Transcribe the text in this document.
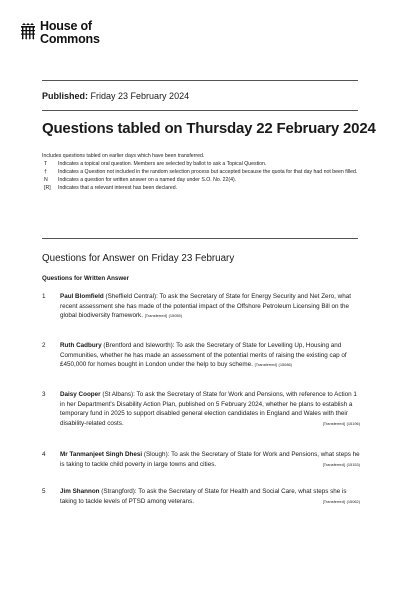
House of
Commons
Published: Friday 23 February 2024
Questions tabled on Thursday 22 February 2024
Includes questions tabled on earlier days which have been transferred.
T	Indicates a topical oral question. Members are selected by ballot to ask a Topical Question.
†	Indicates a Question not included in the random selection process but accepted because the quota for that day had not been filled.
N	Indicates a question for written answer on a named day under S.O. No. 22(4).
[R]	Indicates that a relevant interest has been declared.
Questions for Answer on Friday 23 February
Questions for Written Answer
1	Paul Blomfield (Sheffield Central): To ask the Secretary of State for Energy Security and Net Zero, what recent assessment she has made of the potential impact of the Offshore Petroleum Licensing Bill on the global biodiversity framework. [Transferred] (15055)
2	Ruth Cadbury (Brentford and Isleworth): To ask the Secretary of State for Levelling Up, Housing and Communities, whether he has made an assessment of the potential merits of raising the existing cap of £450,000 for homes bought in London under the help to buy scheme. [Transferred] (15086)
3	Daisy Cooper (St Albans): To ask the Secretary of State for Work and Pensions, with reference to Action 1 in her Department's Disability Action Plan, published on 5 February 2024, whether he plans to establish a temporary fund in 2025 to support disabled general election candidates in England and Wales with their disability-related costs.	[Transferred] (15196)
4	Mr Tanmanjeet Singh Dhesi (Slough): To ask the Secretary of State for Work and Pensions, what steps he is taking to tackle child poverty in large towns and cities.	[Transferred] (15153)
5	Jim Shannon (Strangford): To ask the Secretary of State for Health and Social Care, what steps she is taking to tackle levels of PTSD among veterans.	[Transferred] (15062)
